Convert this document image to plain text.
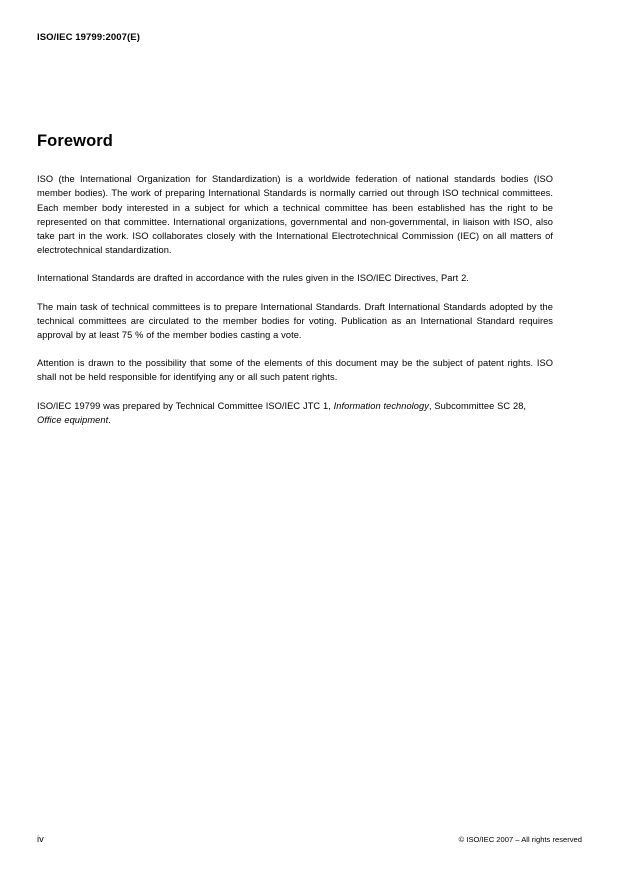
ISO/IEC 19799:2007(E)
Foreword

ISO (the International Organization for Standardization) is a worldwide federation of national standards bodies (ISO member bodies). The work of preparing International Standards is normally carried out through ISO technical committees. Each member body interested in a subject for which a technical committee has been established has the right to be represented on that committee. International organizations, governmental and non-governmental, in liaison with ISO, also take part in the work. ISO collaborates closely with the International Electrotechnical Commission (IEC) on all matters of electrotechnical standardization.

International Standards are drafted in accordance with the rules given in the ISO/IEC Directives, Part 2.

The main task of technical committees is to prepare International Standards. Draft International Standards adopted by the technical committees are circulated to the member bodies for voting. Publication as an International Standard requires approval by at least 75 % of the member bodies casting a vote.

Attention is drawn to the possibility that some of the elements of this document may be the subject of patent rights. ISO shall not be held responsible for identifying any or all such patent rights.

ISO/IEC 19799 was prepared by Technical Committee ISO/IEC JTC 1, Information technology, Subcommittee SC 28, Office equipment.

iv	© ISO/IEC 2007 – All rights reserved
